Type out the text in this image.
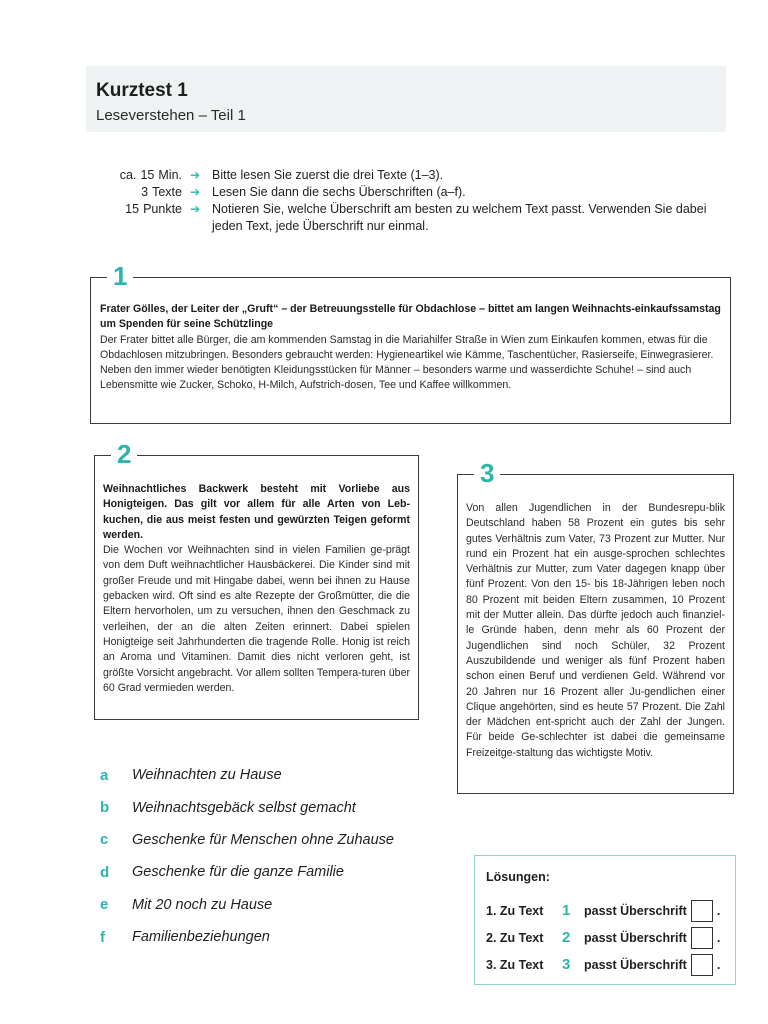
Kurztest 1
Leseverstehen – Teil 1
ca. 15 Min. ➔ Bitte lesen Sie zuerst die drei Texte (1–3).
3 Texte ➔ Lesen Sie dann die sechs Überschriften (a–f).
15 Punkte ➔ Notieren Sie, welche Überschrift am besten zu welchem Text passt. Verwenden Sie dabei jeden Text, jede Überschrift nur einmal.
1
Frater Gölles, der Leiter der „Gruft“ – der Betreuungsstelle für Obdachlose – bittet am langen Weihnachts-einkaufssamstag um Spenden für seine Schützlinge
Der Frater bittet alle Bürger, die am kommenden Samstag in die Mariahilfer Straße in Wien zum Einkaufen kommen, etwas für die Obdachlosen mitzubringen. Besonders gebraucht werden: Hygieneartikel wie Kämme, Taschentücher, Rasierseife, Einwegrasierer. Neben den immer wieder benötigten Kleidungsstücken für Männer – besonders warme und wasserdichte Schuhe! – sind auch Lebensmitte wie Zucker, Schoko, H-Milch, Aufstrich-dosen, Tee und Kaffee willkommen.
2
Weihnachtliches Backwerk besteht mit Vorliebe aus Honigteigen. Das gilt vor allem für alle Arten von Leb-kuchen, die aus meist festen und gewürzten Teigen geformt werden.
Die Wochen vor Weihnachten sind in vielen Familien ge-prägt von dem Duft weihnachtlicher Hausbäckerei. Die Kinder sind mit großer Freude und mit Hingabe dabei, wenn bei ihnen zu Hause gebacken wird. Oft sind es alte Rezepte der Großmütter, die die Eltern hervorholen, um zu versuchen, ihnen den Geschmack zu verleihen, der an die alten Zeiten erinnert. Dabei spielen Honigteige seit Jahrhunderten die tragende Rolle. Honig ist reich an Aroma und Vitaminen. Damit dies nicht verloren geht, ist größte Vorsicht angebracht. Vor allem sollten Tempera-turen über 60 Grad vermieden werden.
3
Von allen Jugendlichen in der Bundesrepu-blik Deutschland haben 58 Prozent ein gutes bis sehr gutes Verhältnis zum Vater, 73 Prozent zur Mutter. Nur rund ein Prozent hat ein ausge-sprochen schlechtes Verhältnis zur Mutter, zum Vater dagegen knapp über fünf Prozent. Von den 15- bis 18-Jährigen leben noch 80 Prozent mit beiden Eltern zusammen, 10 Prozent mit der Mutter allein. Das dürfte jedoch auch finanziel-le Gründe haben, denn mehr als 60 Prozent der Jugendlichen sind noch Schüler, 32 Prozent Auszubildende und weniger als fünf Prozent haben schon einen Beruf und verdienen Geld. Während vor 20 Jahren nur 16 Prozent aller Ju-gendlichen einer Clique angehörten, sind es heute 57 Prozent. Die Zahl der Mädchen ent-spricht auch der Zahl der Jungen. Für beide Ge-schlechter ist dabei die gemeinsame Freizeitge-staltung das wichtigste Motiv.
a	Weihnachten zu Hause
b	Weihnachtsgebäck selbst gemacht
c	Geschenke für Menschen ohne Zuhause
d	Geschenke für die ganze Familie
e	Mit 20 noch zu Hause
f	Familienbeziehungen
Lösungen:
1. Zu Text	1	passt Überschrift .
2. Zu Text	2	passt Überschrift .
3. Zu Text	3	passt Überschrift .
